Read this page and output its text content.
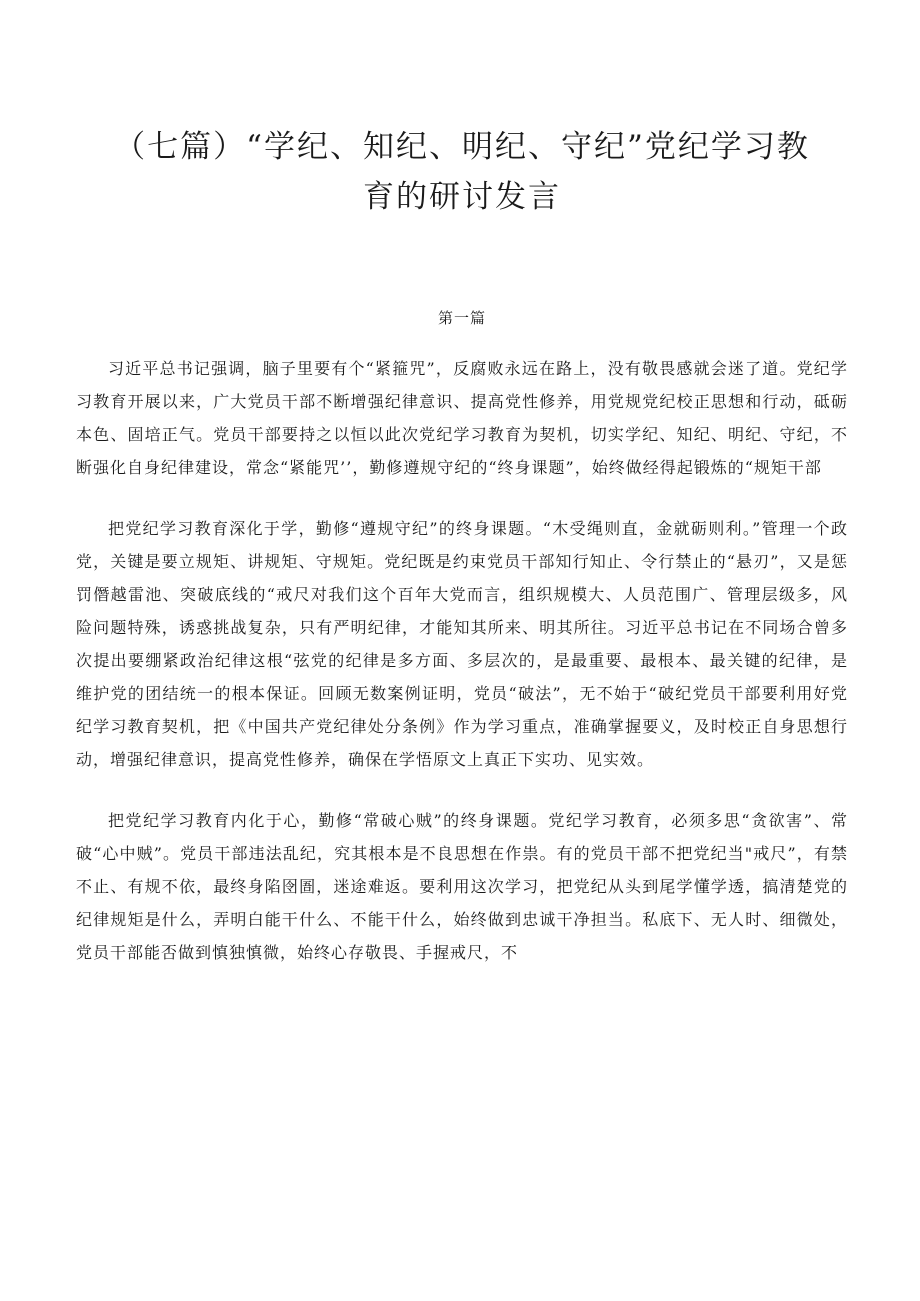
（七篇）“学纪、知纪、明纪、守纪”党纪学习教
育的研讨发言
第一篇

习近平总书记强调，脑子里要有个“紧箍咒”，反腐败永远在路上，没有敬畏感就会迷了道。党纪学习教育开展以来，广大党员干部不断增强纪律意识、提高党性修养，用党规党纪校正思想和行动，砥砺本色、固培正气。党员干部要持之以恒以此次党纪学习教育为契机，切实学纪、知纪、明纪、守纪，不断强化自身纪律建设，常念“紧能咒’’，勤修遵规守纪的“终身课题”，始终做经得起锻炼的“规矩干部

把党纪学习教育深化于学，勤修“遵规守纪”的终身课题。“木受绳则直，金就砺则利。”管理一个政党，关键是要立规矩、讲规矩、守规矩。党纪既是约束党员干部知行知止、令行禁止的“悬刃”，又是惩罚僭越雷池、突破底线的“戒尺对我们这个百年大党而言，组织规模大、人员范围广、管理层级多，风险问题特殊，诱惑挑战复杂，只有严明纪律，才能知其所来、明其所往。习近平总书记在不同场合曾多次提出要绷紧政治纪律这根“弦党的纪律是多方面、多层次的，是最重要、最根本、最关键的纪律，是维护党的团结统一的根本保证。回顾无数案例证明，党员“破法”，无不始于“破纪党员干部要利用好党纪学习教育契机，把《中国共产党纪律处分条例》作为学习重点，准确掌握要义，及时校正自身思想行动，增强纪律意识，提高党性修养，确保在学悟原文上真正下实功、见实效。

把党纪学习教育内化于心，勤修“常破心贼”的终身课题。党纪学习教育，必须多思“贪欲害”、常破“心中贼”。党员干部违法乱纪，究其根本是不良思想在作祟。有的党员干部不把党纪当"戒尺”，有禁不止、有规不依，最终身陷囹圄，迷途难返。要利用这次学习，把党纪从头到尾学懂学透，搞清楚党的纪律规矩是什么，弄明白能干什么、不能干什么，始终做到忠诚干净担当。私底下、无人时、细微处，党员干部能否做到慎独慎微，始终心存敬畏、手握戒尺，不
